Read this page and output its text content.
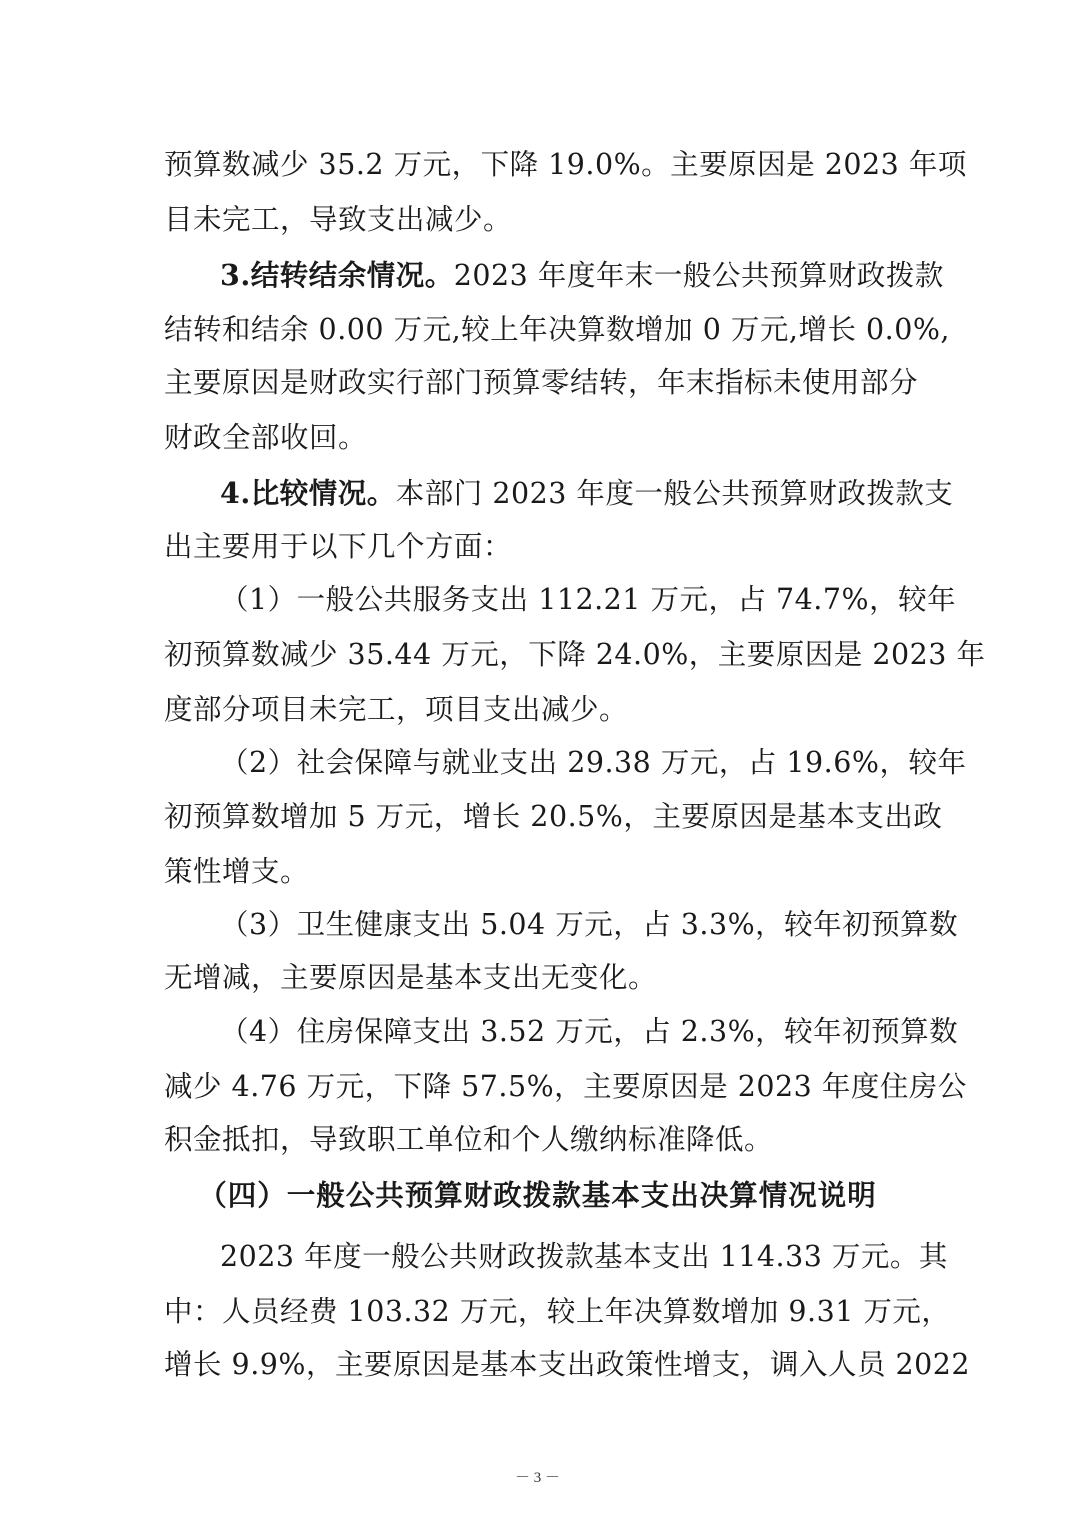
预算数减少 35.2 万元，下降 19.0%。主要原因是 2023 年项
目未完工，导致支出减少。
3.结转结余情况。2023 年度年末一般公共预算财政拨款
结转和结余 0.00 万元,较上年决算数增加 0 万元,增长 0.0%,
主要原因是财政实行部门预算零结转，年末指标未使用部分
财政全部收回。
4.比较情况。本部门 2023 年度一般公共预算财政拨款支
出主要用于以下几个方面：
（1）一般公共服务支出 112.21 万元，占 74.7%，较年
初预算数减少 35.44 万元，下降 24.0%，主要原因是 2023 年
度部分项目未完工，项目支出减少。
（2）社会保障与就业支出 29.38 万元，占 19.6%，较年
初预算数增加 5 万元，增长 20.5%，主要原因是基本支出政
策性增支。
（3）卫生健康支出 5.04 万元，占 3.3%，较年初预算数
无增减，主要原因是基本支出无变化。
（4）住房保障支出 3.52 万元，占 2.3%，较年初预算数
减少 4.76 万元，下降 57.5%，主要原因是 2023 年度住房公
积金抵扣，导致职工单位和个人缴纳标准降低。
（四）一般公共预算财政拨款基本支出决算情况说明
2023 年度一般公共财政拨款基本支出 114.33 万元。其
中：人员经费 103.32 万元，较上年决算数增加 9.31 万元，
增长 9.9%，主要原因是基本支出政策性增支，调入人员 2022
－ 3 －
